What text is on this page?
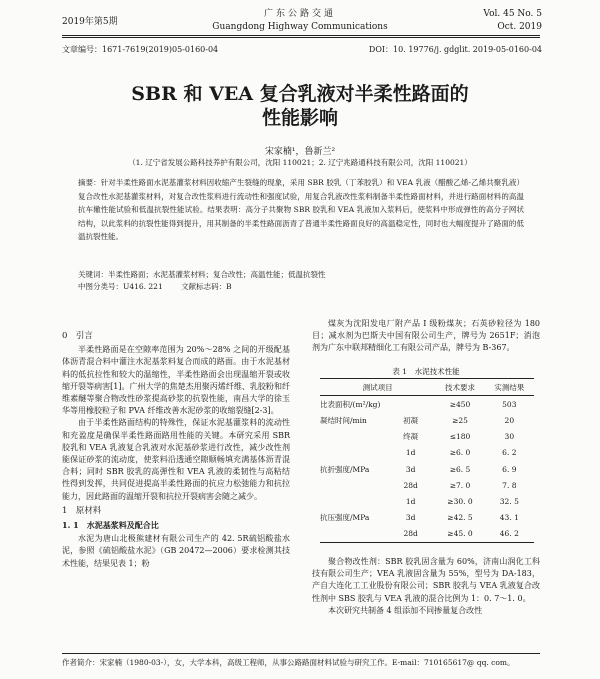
2019年第5期
广东公路交通
Guangdong Highway Communications
Vol. 45 No. 5
Oct. 2019
文章编号：1671-7619(2019)05-0160-04	DOI：10. 19776/j. gdglit. 2019-05-0160-04
SBR 和 VEA 复合乳液对半柔性路面的
性能影响
宋家楠¹，鲁新兰²
（1. 辽宁省发展公路科技养护有限公司，沈阳 110021；2. 辽宁兆路通科技有限公司，沈阳 110021）
摘要：针对半柔性路面水泥基灌浆材料因收缩产生裂缝的现象，采用 SBR 胶乳（丁苯胶乳）和 VEA 乳液（醋酸乙烯-乙烯共聚乳液）复合改性水泥基灌浆材料，对复合改性浆料进行流动性和强度试验，用复合乳液改性浆料制备半柔性路面材料，并进行路面材料的高温抗车辙性能试验和低温抗裂性能试验。结果表明：高分子共聚物 SBR 胶乳和 VEA 乳液加入浆料后，使浆料中形成弹性的高分子网状结构，以此浆料的抗裂性能得到提升，用其制备的半柔性路面沥青了普通半柔性路面良好的高温稳定性，同时也大幅度提升了路面的低温抗裂性能。
关键词：半柔性路面；水泥基灌浆材料；复合改性；高温性能；低温抗裂性
中图分类号：U416. 221 文献标志码：B
0　引言

半柔性路面是在空隙率范围为 20%～28% 之间的开级配基体沥青混合料中灌注水泥基浆料复合而成的路面。由于水泥基材料的低抗拉性和较大的温缩性，半柔性路面会出现温缩开裂或收缩开裂等病害[1]。广州大学的焦楚杰用聚丙烯纤维、乳胶粉和纤维素醚等聚合物改性砂浆提高砂浆的抗裂性能，南昌大学的徐玉华等用橡胶粒子和 PVA 纤维改善水泥砂浆的收缩裂缝[2-3]。

由于半柔性路面结构的特殊性，保证水泥基灌浆料的流动性和充盈度是确保半柔性路面路用性能的关键。本研究采用 SBR 胶乳和 VEA 乳液复合乳液对水泥基砂浆进行改性，减少改性剂能保证砂浆的流动度，使浆料沿透通空隙顺畅填充满基体沥青混合料；同时 SBR 胶乳的高弹性和 VEA 乳液的柔韧性与高粘结性得到发挥，共同促进提高半柔性路面的抗应力松弛能力和抗拉能力，因此路面的温缩开裂和抗拉开裂病害会随之减少。

1　原材料
1. 1　水泥基浆料及配合比

水泥为唐山北极熊建材有限公司生产的 42. 5R硫铝酸盐水泥，参照《硫铝酸盐水泥》（GB 20472—2006）要求检测其技术性能，结果见表 1；粉

煤灰为沈阳发电厂附产品 I 级粉煤灰；石英砂粒径为 180 目；减水剂为巴斯夫中国有限公司生产，牌号为 2651F；消泡剂为广东中联邦精细化工有限公司产品，牌号为 B-367。

表 1　水泥技术性能
测试项目		技术要求	实测结果
比表面积/(m²/kg)		≥450	503
凝结时间/min	初凝	≥25	20
	终凝	≤180	30
	1d	≥6. 0	6. 2
抗折强度/MPa	3d	≥6. 5	6. 9
	28d	≥7. 0	7. 8
	1d	≥30. 0	32. 5
抗压强度/MPa	3d	≥42. 5	43. 1
	28d	≥45. 0	46. 2

聚合物改性剂：SBR 胶乳固含量为 60%，济南山润化工科技有限公司生产；VEA 乳液固含量为 55%，型号为 DA-183，产自大连化工工业股份有限公司；SBR 胶乳与 VEA 乳液复合改性剂中 SBS 胶乳与 VEA 乳液的混合比例为 1：0. 7～1. 0。

本次研究共制备 4 组添加不同掺量复合改性

作者简介：宋家楠（1980-03-），女，大学本科，高级工程师，从事公路路面材料试验与研究工作。E-mail：710165617@ qq. com。
